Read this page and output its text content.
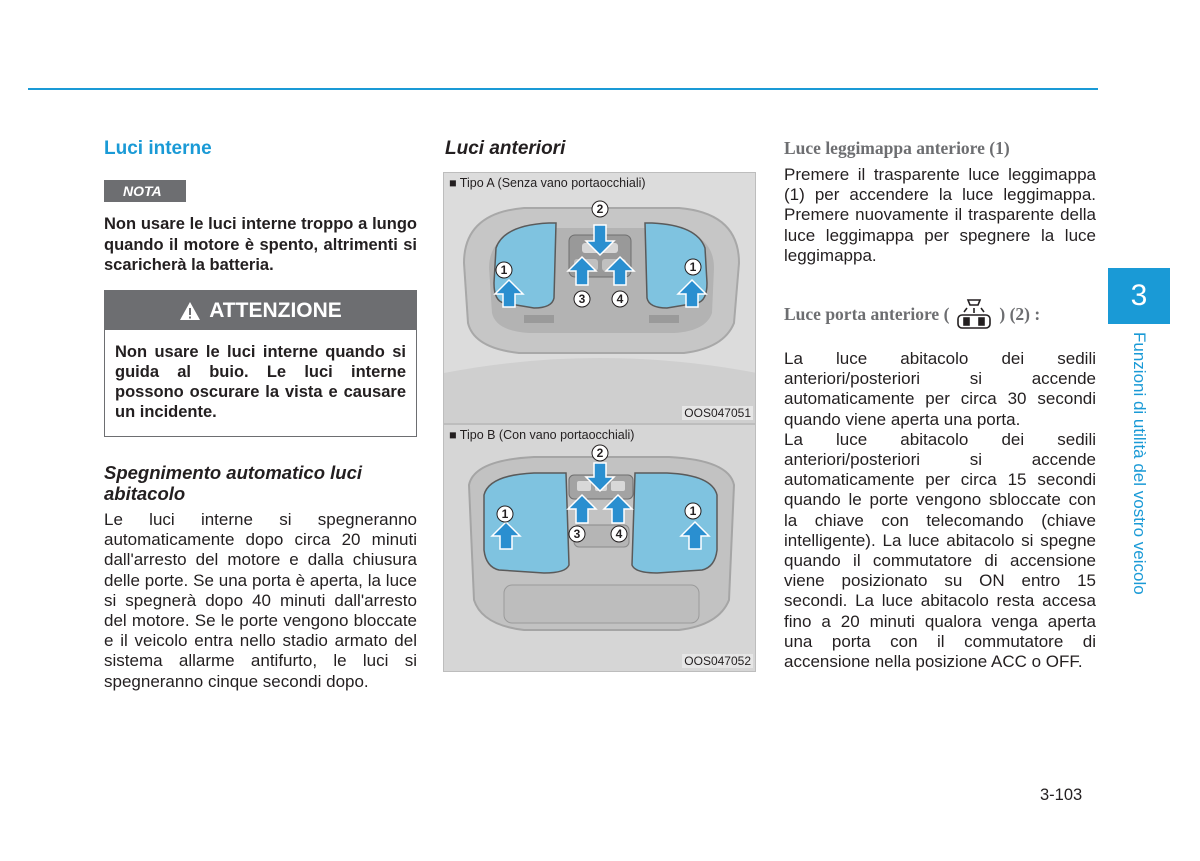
Luci interne
NOTA
Non usare le luci interne troppo a lungo quando il motore è spento, altrimenti si scaricherà la batteria.
ATTENZIONE
Non usare le luci interne quando si guida al buio. Le luci interne possono oscurare la vista e causare un incidente.
Spegnimento automatico luci abitacolo
Le luci interne si spegneranno automaticamente dopo circa 20 minuti dall'arresto del motore e dalla chiusura delle porte. Se una porta è aperta, la luce si spegnerà dopo 40 minuti dall'arresto del motore. Se le porte vengono bloccate e il veicolo entra nello stadio armato del sistema allarme antifurto, le luci si spegneranno cinque secondi dopo.
Luci anteriori
■ Tipo A (Senza vano portaocchiali)
1
2
3	4
1
OOS047051
■ Tipo B (Con vano portaocchiali)
1
2
3	4
1
OOS047052
Luce leggimappa anteriore (1)
Premere il trasparente luce leggimappa (1) per accendere la luce leggimappa. Premere nuovamente il trasparente della luce leggimappa per spegnere la luce leggimappa.
Luce porta anteriore (	) (2) :

La luce abitacolo dei sedili anteriori/posteriori si accende automaticamente per circa 30 secondi quando viene aperta una porta.

La luce abitacolo dei sedili anteriori/posteriori si accende automaticamente per circa 15 secondi quando le porte vengono sbloccate con la chiave con telecomando (chiave intelligente). La luce abitacolo si spegne quando il commutatore di accensione viene posizionato su ON entro 15 secondi. La luce abitacolo resta accesa fino a 20 minuti qualora venga aperta una porta con il commutatore di accensione nella posizione ACC o OFF.

3
Funzioni di utilità del vostro veicolo
3-103
